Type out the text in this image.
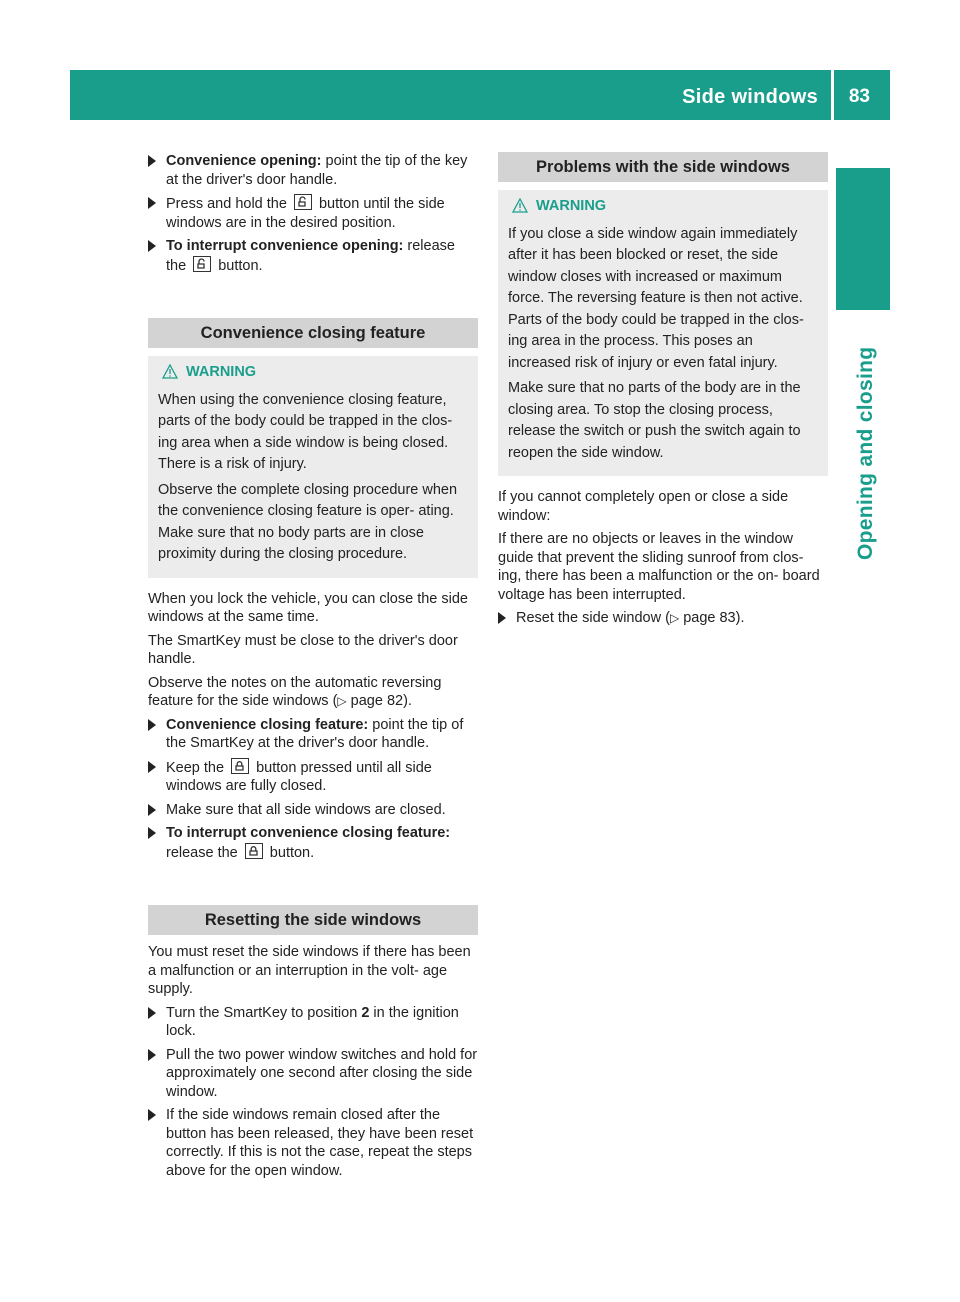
Side windows 83
Opening and closing
Convenience opening: point the tip of the key at the driver's door handle.
Press and hold the
button until the side windows are in the desired position.
To interrupt convenience opening: release the
button.
Convenience closing feature
WARNING

When using the convenience closing feature, parts of the body could be trapped in the clos- ing area when a side window is being closed. There is a risk of injury.

Observe the complete closing procedure when the convenience closing feature is oper- ating. Make sure that no body parts are in close proximity during the closing procedure.

When you lock the vehicle, you can close the side windows at the same time.
The SmartKey must be close to the driver's door handle.
Observe the notes on the automatic reversing feature for the side windows (▷ page 82).
Convenience closing feature: point the tip of the SmartKey at the driver's door handle.
Keep the
button pressed until all side windows are fully closed.
Make sure that all side windows are closed.
To interrupt convenience closing feature: release the
button.
Resetting the side windows
You must reset the side windows if there has been a malfunction or an interruption in the volt- age supply.
Turn the SmartKey to position 2 in the ignition lock.
Pull the two power window switches and hold for approximately one second after closing the side window.
If the side windows remain closed after the button has been released, they have been reset correctly. If this is not the case, repeat the steps above for the open window.
Problems with the side windows
WARNING

If you close a side window again immediately after it has been blocked or reset, the side window closes with increased or maximum force. The reversing feature is then not active. Parts of the body could be trapped in the clos- ing area in the process. This poses an increased risk of injury or even fatal injury.

Make sure that no parts of the body are in the closing area. To stop the closing process, release the switch or push the switch again to reopen the side window.

If you cannot completely open or close a side window:
If there are no objects or leaves in the window guide that prevent the sliding sunroof from clos- ing, there has been a malfunction or the on- board voltage has been interrupted.
Reset the side window (▷ page 83).
